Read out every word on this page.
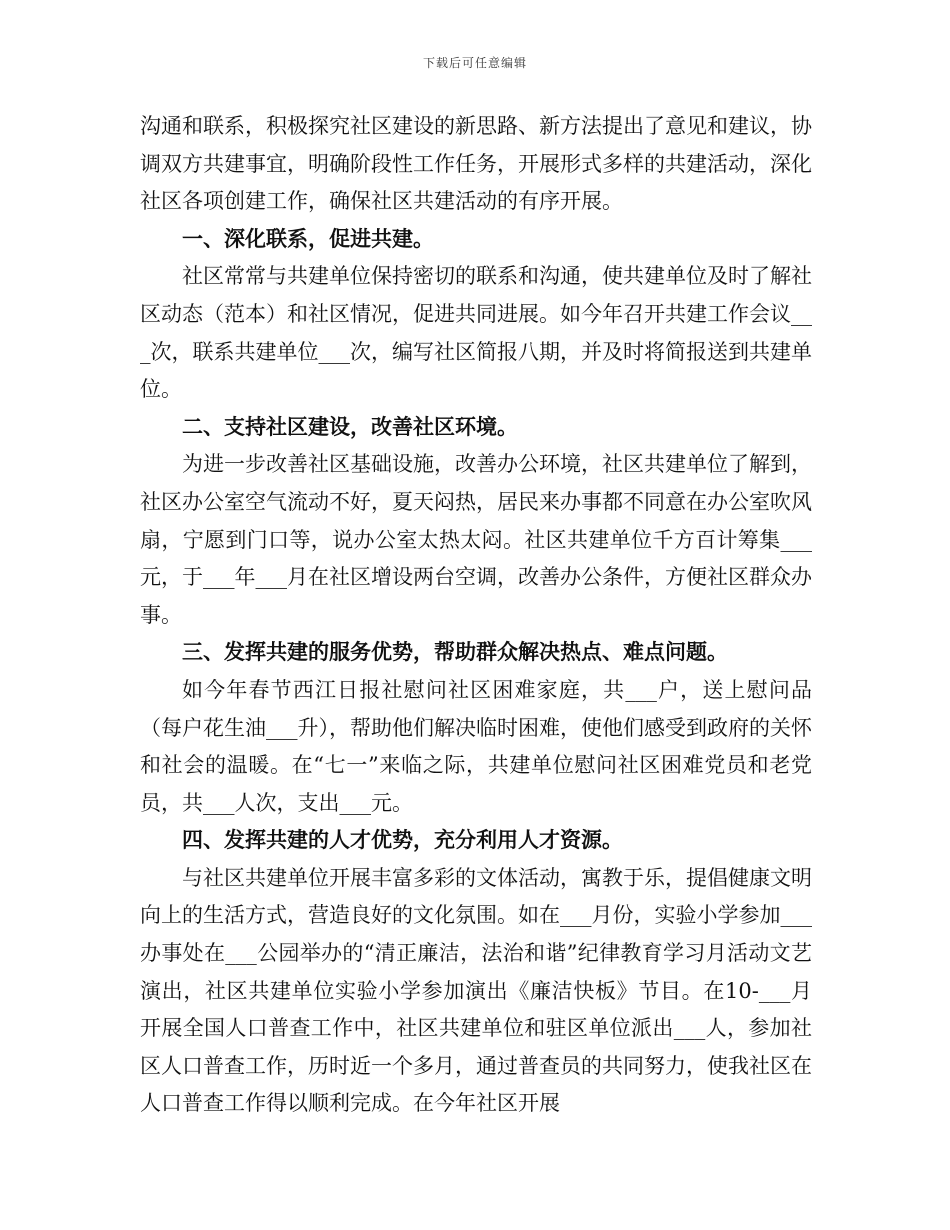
下载后可任意编辑

沟通和联系，积极探究社区建设的新思路、新方法提出了意见和建议，协调双方共建事宜，明确阶段性工作任务，开展形式多样的共建活动，深化社区各项创建工作，确保社区共建活动的有序开展。

一、深化联系，促进共建。

社区常常与共建单位保持密切的联系和沟通，使共建单位及时了解社区动态（范本）和社区情况，促进共同进展。如今年召开共建工作会议___次，联系共建单位___次，编写社区简报八期，并及时将简报送到共建单位。

二、支持社区建设，改善社区环境。

为进一步改善社区基础设施，改善办公环境，社区共建单位了解到，社区办公室空气流动不好，夏天闷热，居民来办事都不同意在办公室吹风扇，宁愿到门口等，说办公室太热太闷。社区共建单位千方百计筹集___元，于___年___月在社区增设两台空调，改善办公条件，方便社区群众办事。

三、发挥共建的服务优势，帮助群众解决热点、难点问题。

如今年春节西江日报社慰问社区困难家庭，共___户，送上慰问品（每户花生油___升），帮助他们解决临时困难，使他们感受到政府的关怀和社会的温暖。在“七一”来临之际，共建单位慰问社区困难党员和老党员，共___人次，支出___元。

四、发挥共建的人才优势，充分利用人才资源。

与社区共建单位开展丰富多彩的文体活动，寓教于乐，提倡健康文明向上的生活方式，营造良好的文化氛围。如在___月份，实验小学参加___办事处在___公园举办的“清正廉洁，法治和谐”纪律教育学习月活动文艺演出，社区共建单位实验小学参加演出《廉洁快板》节目。在10-___月开展全国人口普查工作中，社区共建单位和驻区单位派出___人，参加社区人口普查工作，历时近一个多月，通过普查员的共同努力，使我社区在人口普查工作得以顺利完成。在今年社区开展
